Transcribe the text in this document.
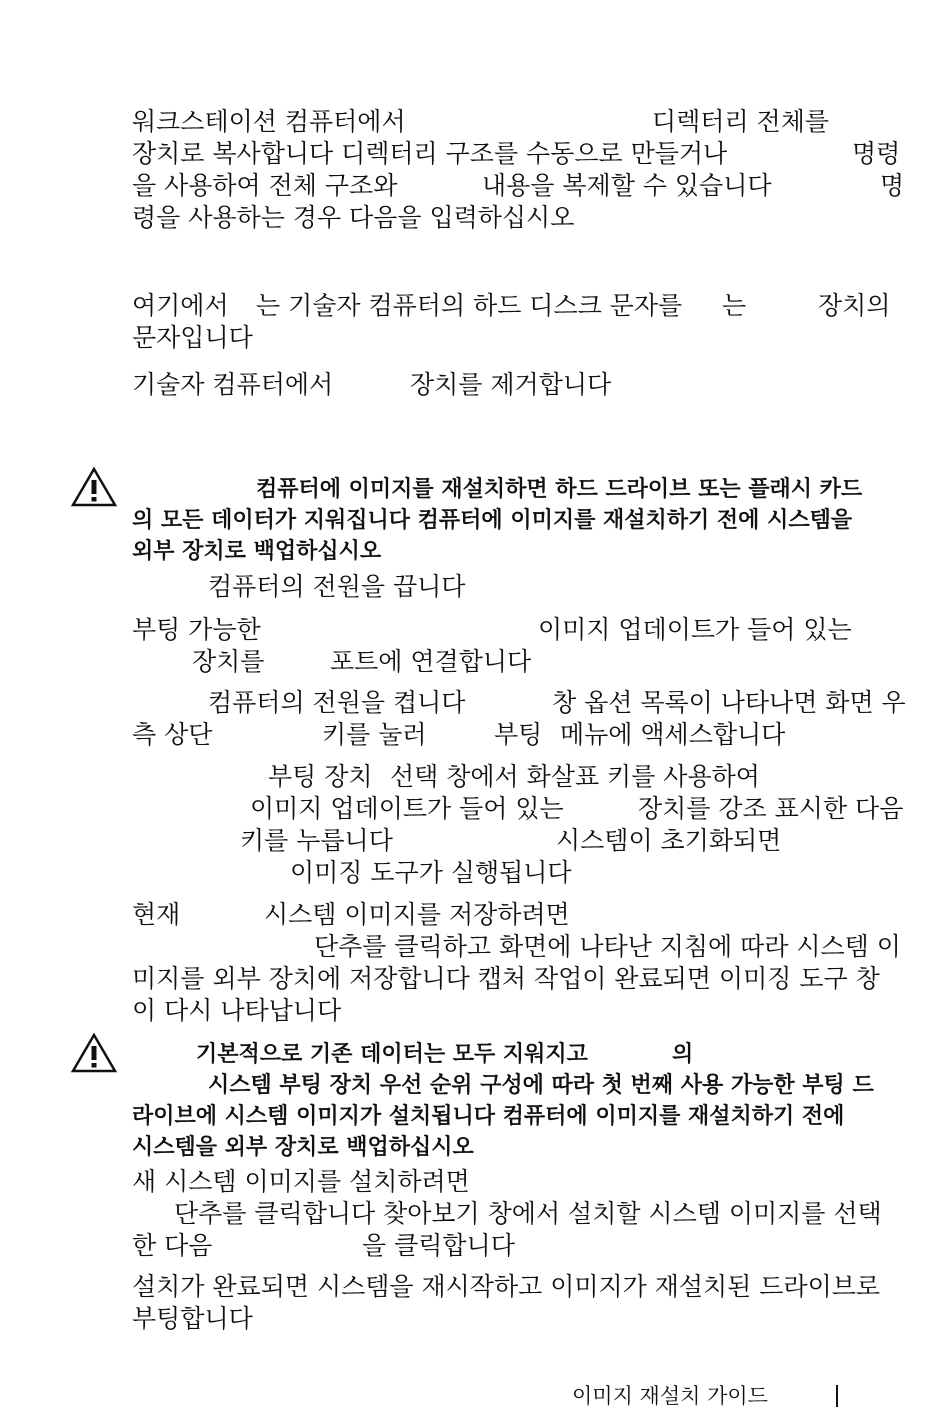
워크스테이션 컴퓨터에서	디렉터리 전체를
장치로 복사합니다 디렉터리 구조를 수동으로 만들거나	명령
을 사용하여 전체 구조와	내용을 복제할 수 있습니다	명
령을 사용하는 경우 다음을 입력하십시오
여기에서 는 기술자 컴퓨터의 하드 디스크 문자를 는	장치의
문자입니다
기술자 컴퓨터에서	장치를 제거합니다
컴퓨터에 이미지를 재설치하면 하드 드라이브 또는 플래시 카드
의 모든 데이터가 지워집니다 컴퓨터에 이미지를 재설치하기 전에 시스템을
외부 장치로 백업하십시오
컴퓨터의 전원을 끕니다
부팅 가능한	이미지 업데이트가 들어 있는
장치를	포트에 연결합니다
컴퓨터의 전원을 켭니다	창 옵션 목록이 나타나면 화면 우
측 상단	키를 눌러	부팅 메뉴에 액세스합니다
부팅 장치 선택 창에서 화살표 키를 사용하여
이미지 업데이트가 들어 있는	장치를 강조 표시한 다음
키를 누릅니다	시스템이 초기화되면
이미징 도구가 실행됩니다
현재	시스템 이미지를 저장하려면
단추를 클릭하고 화면에 나타난 지침에 따라 시스템 이
미지를 외부 장치에 저장합니다 캡처 작업이 완료되면 이미징 도구 창
이 다시 나타납니다
기본적으로 기존 데이터는 모두 지워지고	의
시스템 부팅 장치 우선 순위 구성에 따라 첫 번째 사용 가능한 부팅 드
라이브에 시스템 이미지가 설치됩니다 컴퓨터에 이미지를 재설치하기 전에
시스템을 외부 장치로 백업하십시오
새 시스템 이미지를 설치하려면
단추를 클릭합니다 찾아보기 창에서 설치할 시스템 이미지를 선택
한 다음	을 클릭합니다
설치가 완료되면 시스템을 재시작하고 이미지가 재설치된 드라이브로
부팅합니다
이미지 재설치 가이드
